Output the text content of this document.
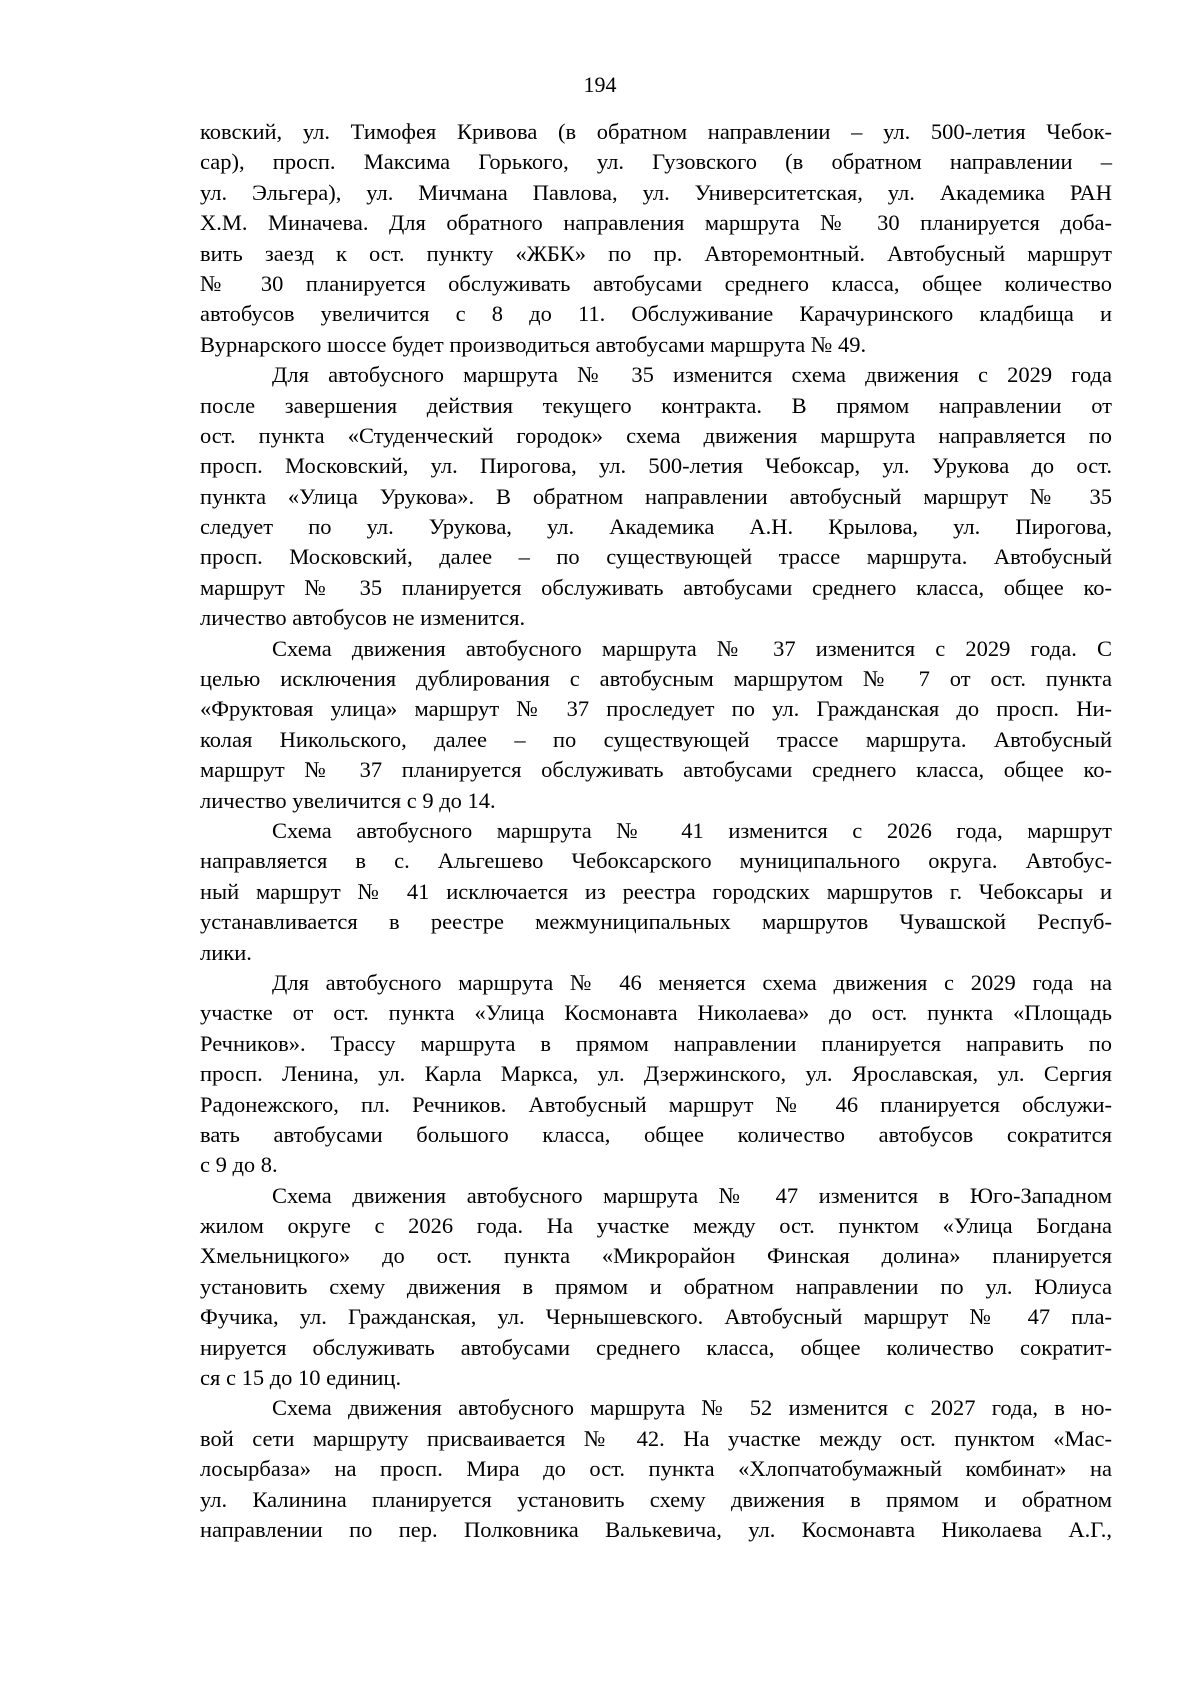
194
ковский, ул. Тимофея Кривова (в обратном направлении – ул. 500-летия Чебок-
сар), просп. Максима Горького, ул. Гузовского (в обратном направлении –
ул. Эльгера), ул. Мичмана Павлова, ул. Университетская, ул. Академика РАН
Х.М. Миначева. Для обратного направления маршрута № 30 планируется доба-
вить заезд к ост. пункту «ЖБК» по пр. Авторемонтный. Автобусный маршрут
№ 30 планируется обслуживать автобусами среднего класса, общее количество
автобусов увеличится с 8 до 11. Обслуживание Карачуринского кладбища и
Вурнарского шоссе будет производиться автобусами маршрута № 49.
Для автобусного маршрута № 35 изменится схема движения с 2029 года
после завершения действия текущего контракта. В прямом направлении от
ост. пункта «Студенческий городок» схема движения маршрута направляется по
просп. Московский, ул. Пирогова, ул. 500-летия Чебоксар, ул. Урукова до ост.
пункта «Улица Урукова». В обратном направлении автобусный маршрут № 35
следует по ул. Урукова, ул. Академика А.Н. Крылова, ул. Пирогова,
просп. Московский, далее – по существующей трассе маршрута. Автобусный
маршрут № 35 планируется обслуживать автобусами среднего класса, общее ко-
личество автобусов не изменится.
Схема движения автобусного маршрута № 37 изменится с 2029 года. С
целью исключения дублирования с автобусным маршрутом № 7 от ост. пункта
«Фруктовая улица» маршрут № 37 проследует по ул. Гражданская до просп. Ни-
колая Никольского, далее – по существующей трассе маршрута. Автобусный
маршрут № 37 планируется обслуживать автобусами среднего класса, общее ко-
личество увеличится с 9 до 14.
Схема автобусного маршрута № 41 изменится с 2026 года, маршрут
направляется в с. Альгешево Чебоксарского муниципального округа. Автобус-
ный маршрут № 41 исключается из реестра городских маршрутов г. Чебоксары и
устанавливается в реестре межмуниципальных маршрутов Чувашской Респуб-
лики.
Для автобусного маршрута № 46 меняется схема движения с 2029 года на
участке от ост. пункта «Улица Космонавта Николаева» до ост. пункта «Площадь
Речников». Трассу маршрута в прямом направлении планируется направить по
просп. Ленина, ул. Карла Маркса, ул. Дзержинского, ул. Ярославская, ул. Сергия
Радонежского, пл. Речников. Автобусный маршрут № 46 планируется обслужи-
вать автобусами большого класса, общее количество автобусов сократится
с 9 до 8.
Схема движения автобусного маршрута № 47 изменится в Юго-Западном
жилом округе с 2026 года. На участке между ост. пунктом «Улица Богдана
Хмельницкого» до ост. пункта «Микрорайон Финская долина» планируется
установить схему движения в прямом и обратном направлении по ул. Юлиуса
Фучика, ул. Гражданская, ул. Чернышевского. Автобусный маршрут № 47 пла-
нируется обслуживать автобусами среднего класса, общее количество сократит-
ся с 15 до 10 единиц.
Схема движения автобусного маршрута № 52 изменится с 2027 года, в но-
вой сети маршруту присваивается № 42. На участке между ост. пунктом «Мас-
лосырбаза» на просп. Мира до ост. пункта «Хлопчатобумажный комбинат» на
ул. Калинина планируется установить схему движения в прямом и обратном
направлении по пер. Полковника Валькевича, ул. Космонавта Николаева А.Г.,
